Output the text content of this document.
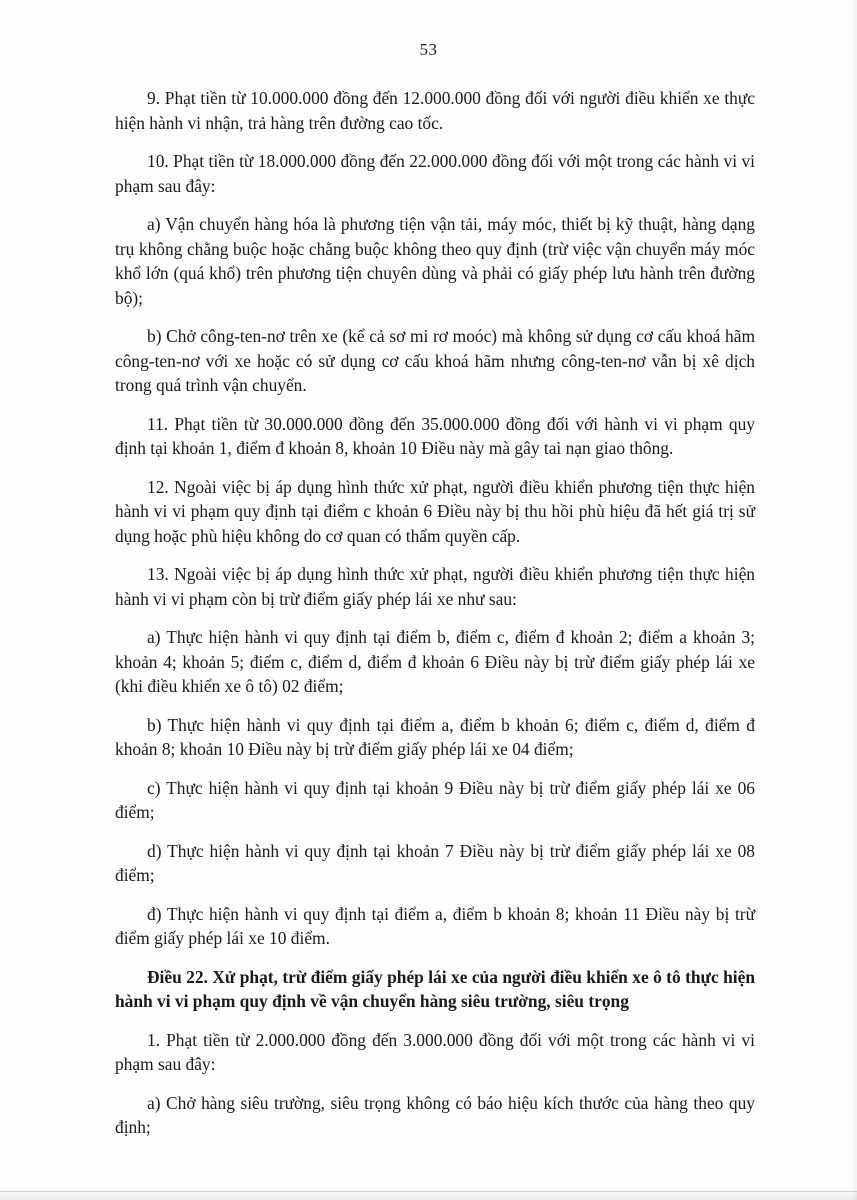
53

9. Phạt tiền từ 10.000.000 đồng đến 12.000.000 đồng đối với người điều khiển xe thực hiện hành vi nhận, trả hàng trên đường cao tốc.

10. Phạt tiền từ 18.000.000 đồng đến 22.000.000 đồng đối với một trong các hành vi vi phạm sau đây:

a) Vận chuyển hàng hóa là phương tiện vận tải, máy móc, thiết bị kỹ thuật, hàng dạng trụ không chằng buộc hoặc chằng buộc không theo quy định (trừ việc vận chuyển máy móc khổ lớn (quá khổ) trên phương tiện chuyên dùng và phải có giấy phép lưu hành trên đường bộ);

b) Chở công-ten-nơ trên xe (kể cả sơ mi rơ moóc) mà không sử dụng cơ cấu khoá hãm công-ten-nơ với xe hoặc có sử dụng cơ cấu khoá hãm nhưng công-ten-nơ vẫn bị xê dịch trong quá trình vận chuyển.

11. Phạt tiền từ 30.000.000 đồng đến 35.000.000 đồng đối với hành vi vi phạm quy định tại khoản 1, điểm đ khoản 8, khoản 10 Điều này mà gây tai nạn giao thông.

12. Ngoài việc bị áp dụng hình thức xử phạt, người điều khiển phương tiện thực hiện hành vi vi phạm quy định tại điểm c khoản 6 Điều này bị thu hồi phù hiệu đã hết giá trị sử dụng hoặc phù hiệu không do cơ quan có thẩm quyền cấp.

13. Ngoài việc bị áp dụng hình thức xử phạt, người điều khiển phương tiện thực hiện hành vi vi phạm còn bị trừ điểm giấy phép lái xe như sau:

a) Thực hiện hành vi quy định tại điểm b, điểm c, điểm đ khoản 2; điểm a khoản 3; khoản 4; khoản 5; điểm c, điểm d, điểm đ khoản 6 Điều này bị trừ điểm giấy phép lái xe (khi điều khiển xe ô tô) 02 điểm;

b) Thực hiện hành vi quy định tại điểm a, điểm b khoản 6; điểm c, điểm d, điểm đ khoản 8; khoản 10 Điều này bị trừ điểm giấy phép lái xe 04 điểm;

c) Thực hiện hành vi quy định tại khoản 9 Điều này bị trừ điểm giấy phép lái xe 06 điểm;

d) Thực hiện hành vi quy định tại khoản 7 Điều này bị trừ điểm giấy phép lái xe 08 điểm;

đ) Thực hiện hành vi quy định tại điểm a, điểm b khoản 8; khoản 11 Điều này bị trừ điểm giấy phép lái xe 10 điểm.

Điều 22. Xử phạt, trừ điểm giấy phép lái xe của người điều khiển xe ô tô thực hiện hành vi vi phạm quy định về vận chuyển hàng siêu trường, siêu trọng

1. Phạt tiền từ 2.000.000 đồng đến 3.000.000 đồng đối với một trong các hành vi vi phạm sau đây:

a) Chở hàng siêu trường, siêu trọng không có báo hiệu kích thước của hàng theo quy định;
